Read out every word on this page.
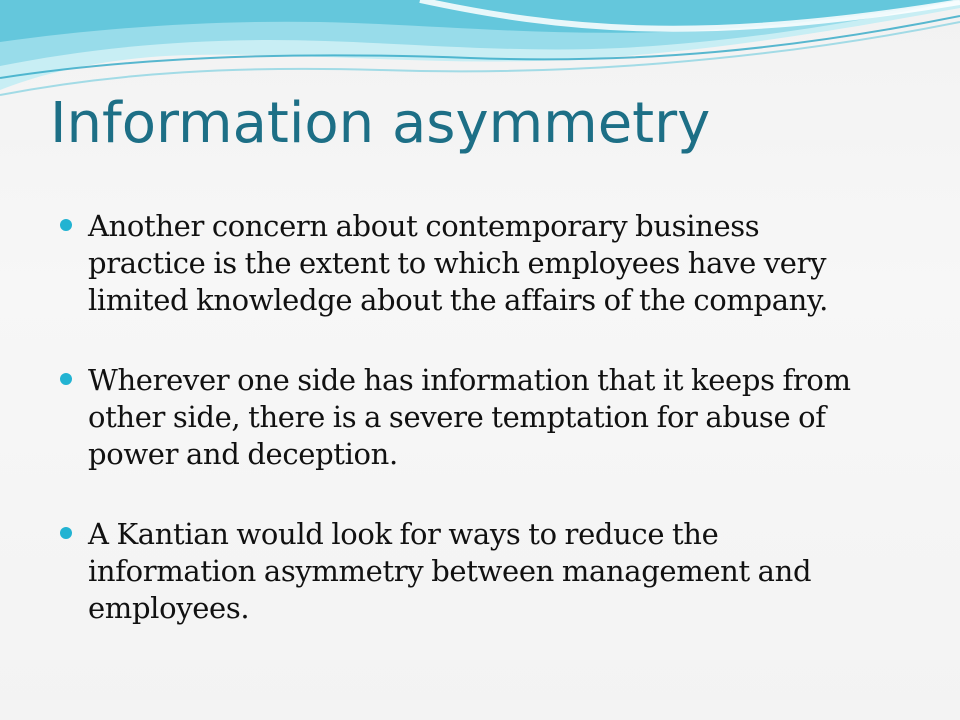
Information asymmetry
Another concern about contemporary business
practice is the extent to which employees have very
limited knowledge about the affairs of the company.
Wherever one side has information that it keeps from
other side, there is a severe temptation for abuse of
power and deception.
A Kantian would look for ways to reduce the
information asymmetry between management and
employees.
